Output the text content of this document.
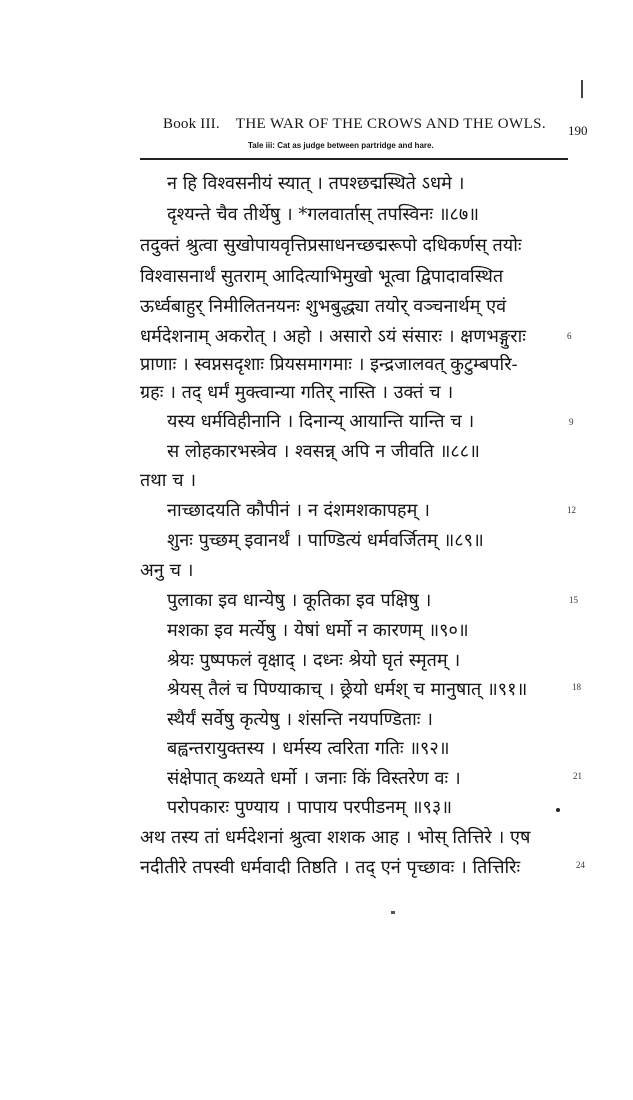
Book III. THE WAR OF THE CROWS AND THE OWLS.	190
Tale iii: Cat as judge between partridge and hare.
न हि विश्वसनीयं स्यात् । तपश्छद्मस्थिते ऽधमे ।
दृश्यन्ते चैव तीर्थेषु । *गलवार्तास् तपस्विनः ॥८७॥
तदुक्तं श्रुत्वा सुखोपायवृत्तिप्रसाधनच्छद्मरूपो दधिकर्णस् तयोः
विश्वासनार्थं सुतराम् आदित्याभिमुखो भूत्वा द्विपादावस्थित
ऊर्ध्वबाहुर् निमीलितनयनः शुभबुद्ध्या तयोर् वञ्चनार्थम् एवं
धर्मदेशनाम् अकरोत् । अहो । असारो ऽयं संसारः । क्षणभङ्गुराः
प्राणाः । स्वप्नसदृशाः प्रियसमागमाः । इन्द्रजालवत् कुटुम्बपरि-
ग्रहः । तद् धर्मं मुक्त्वान्या गतिर् नास्ति । उक्तं च ।
यस्य धर्मविहीनानि । दिनान्य् आयान्ति यान्ति च ।
स लोहकारभस्त्रेव । श्वसन्न् अपि न जीवति ॥८८॥
तथा च ।
नाच्छादयति कौपीनं । न दंशमशकापहम् ।
शुनः पुच्छम् इवानर्थं । पाण्डित्यं धर्मवर्जितम् ॥८९॥
अनु च ।
पुलाका इव धान्येषु । कूतिका इव पक्षिषु ।
मशका इव मर्त्येषु । येषां धर्मो न कारणम् ॥९०॥
श्रेयः पुष्पफलं वृक्षाद् । दध्नः श्रेयो घृतं स्मृतम् ।
श्रेयस् तैलं च पिण्याकाच् । छ्रेयो धर्मश् च मानुषात् ॥९१॥
स्थैर्यं सर्वेषु कृत्येषु । शंसन्ति नयपण्डिताः ।
बह्वन्तरायुक्तस्य । धर्मस्य त्वरिता गतिः ॥९२॥
संक्षेपात् कथ्यते धर्मो । जनाः किं विस्तरेण वः ।
परोपकारः पुण्याय । पापाय परपीडनम् ॥९३॥
अथ तस्य तां धर्मदेशनां श्रुत्वा शशक आह । भोस् तित्तिरे । एष
नदीतीरे तपस्वी धर्मवादी तिष्ठति । तद् एनं पृच्छावः । तित्तिरिः
6
9
12
15
18
21
24
